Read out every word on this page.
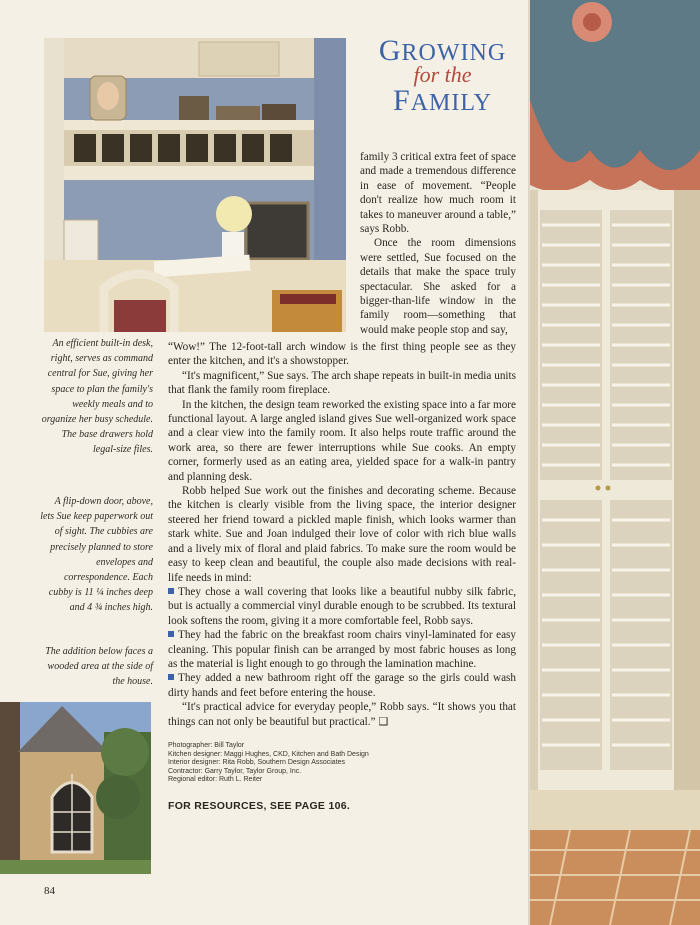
GROWING
for the
FAMILY

family 3 critical extra feet of space and made a tremendous difference in ease of movement. “People don't realize how much room it takes to maneuver around a table,” says Robb.

Once the room dimensions were settled, Sue focused on the details that make the space truly spectacular. She asked for a bigger-than-life window in the family room—something that would make people stop and say,

An efficient built-in desk, right, serves as command central for Sue, giving her space to plan the family's weekly meals and to organize her busy schedule. The base drawers hold legal-size files.
A flip-down door, above, lets Sue keep paperwork out of sight. The cubbies are precisely planned to store envelopes and correspondence. Each cubby is 11 ¼ inches deep and 4 ¾ inches high.
The addition below faces a wooded area at the side of the house.

“Wow!” The 12-foot-tall arch window is the first thing people see as they enter the kitchen, and it's a showstopper.

“It's magnificent,” Sue says. The arch shape repeats in built-in media units that flank the family room fireplace.

In the kitchen, the design team reworked the existing space into a far more functional layout. A large angled island gives Sue well-organized work space and a clear view into the family room. It also helps route traffic around the work area, so there are fewer interruptions while Sue cooks. An empty corner, formerly used as an eating area, yielded space for a walk-in pantry and planning desk.

Robb helped Sue work out the finishes and decorating scheme. Because the kitchen is clearly visible from the living space, the interior designer steered her friend toward a pickled maple finish, which looks warmer than stark white. Sue and Joan indulged their love of color with rich blue walls and a lively mix of floral and plaid fabrics. To make sure the room would be easy to keep clean and beautiful, the couple also made decisions with real-life needs in mind:

They chose a wall covering that looks like a beautiful nubby silk fabric, but is actually a commercial vinyl durable enough to be scrubbed. Its textural look softens the room, giving it a more comfortable feel, Robb says.

They had the fabric on the breakfast room chairs vinyl-laminated for easy cleaning. This popular finish can be arranged by most fabric houses as long as the material is light enough to go through the lamination machine.

They added a new bathroom right off the garage so the girls could wash dirty hands and feet before entering the house.

“It's practical advice for everyday people,” Robb says. “It shows you that things can not only be beautiful but practical.” ❑

Photographer: Bill Taylor
Kitchen designer: Maggi Hughes, CKD, Kitchen and Bath Design
Interior designer: Rita Robb, Southern Design Associates
Contractor: Garry Taylor, Taylor Group, Inc.
Regional editor: Ruth L. Reiter
FOR RESOURCES, SEE PAGE 106.
84
